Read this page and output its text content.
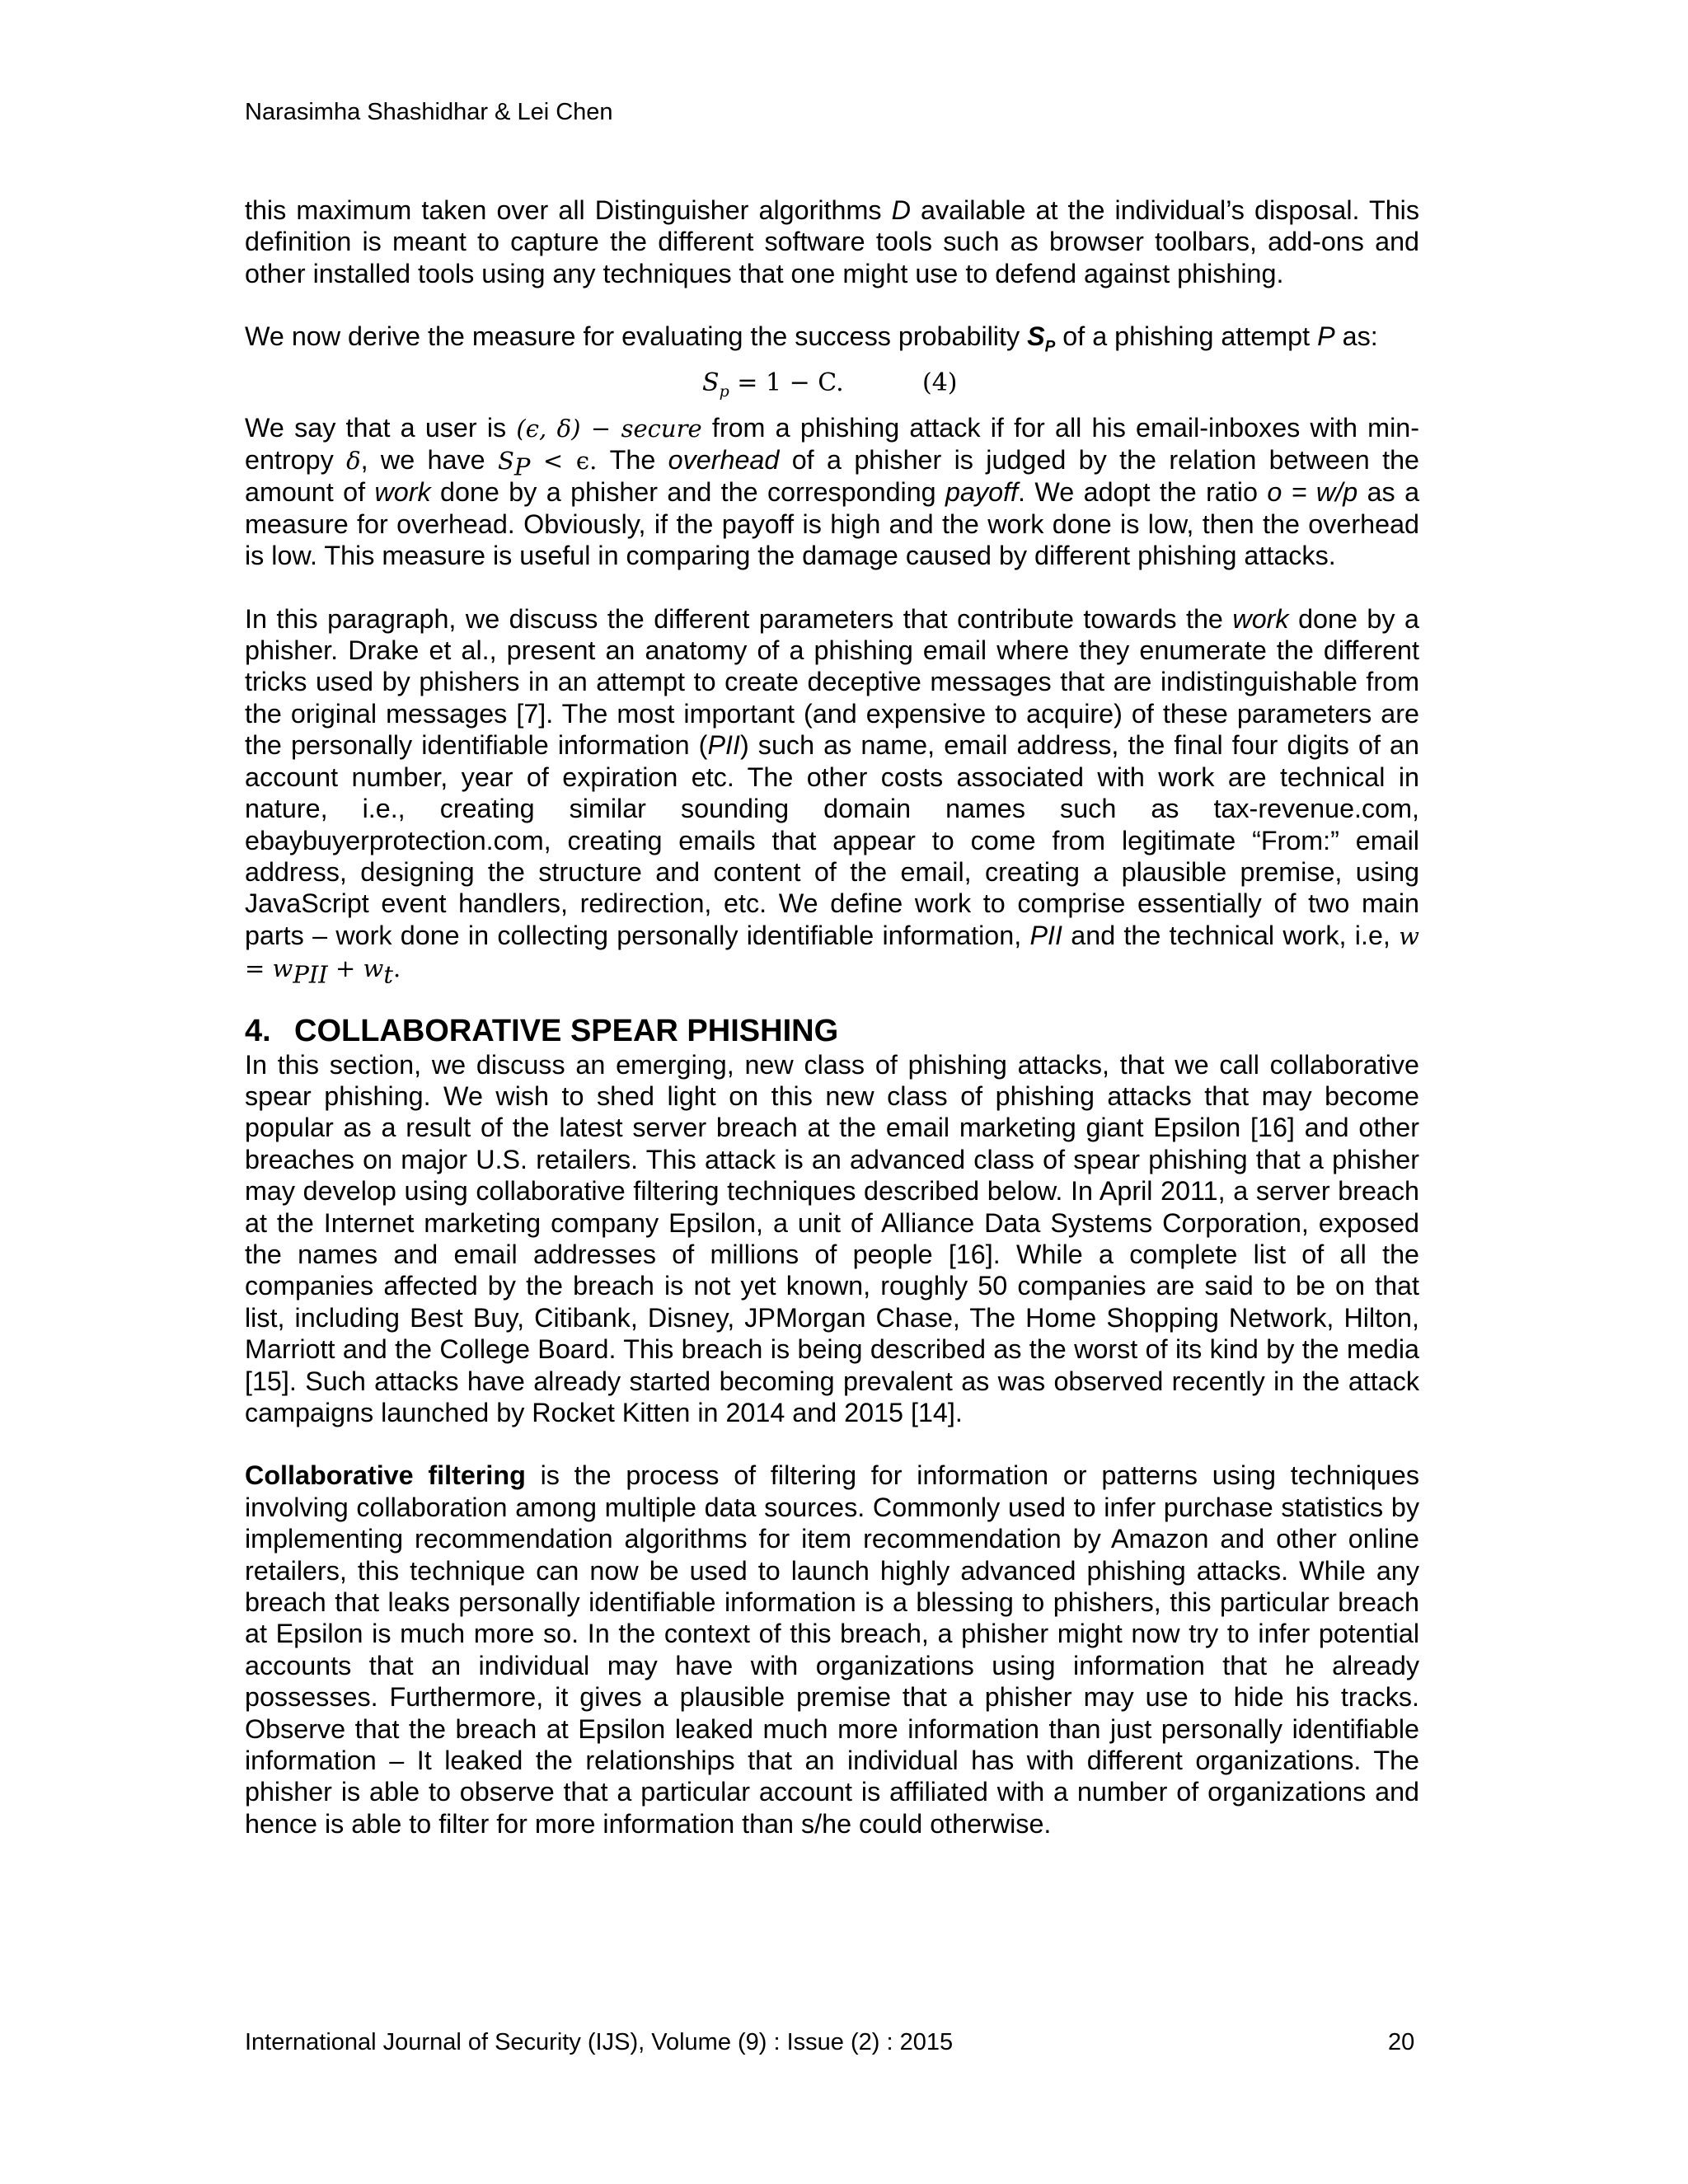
Narasimha Shashidhar & Lei Chen

this maximum taken over all Distinguisher algorithms D available at the individual’s disposal. This definition is meant to capture the different software tools such as browser toolbars, add-ons and other installed tools using any techniques that one might use to defend against phishing.

We now derive the measure for evaluating the success probability $S_P$ of a phishing attempt P as:

$S_p = 1 - C$.	(4)

We say that a user is (ϵ, δ) − secure from a phishing attack if for all his email-inboxes with min-entropy δ, we have $S_P < \epsilon$. The overhead of a phisher is judged by the relation between the amount of work done by a phisher and the corresponding payoff. We adopt the ratio o = w/p as a measure for overhead. Obviously, if the payoff is high and the work done is low, then the overhead is low. This measure is useful in comparing the damage caused by different phishing attacks.

In this paragraph, we discuss the different parameters that contribute towards the work done by a phisher. Drake et al., present an anatomy of a phishing email where they enumerate the different tricks used by phishers in an attempt to create deceptive messages that are indistinguishable from the original messages [7]. The most important (and expensive to acquire) of these parameters are the personally identifiable information (PII) such as name, email address, the final four digits of an account number, year of expiration etc. The other costs associated with work are technical in nature, i.e., creating similar sounding domain names such as tax-revenue.com, ebaybuyerprotection.com, creating emails that appear to come from legitimate “From:” email address, designing the structure and content of the email, creating a plausible premise, using JavaScript event handlers, redirection, etc. We define work to comprise essentially of two main parts – work done in collecting personally identifiable information, PII and the technical work, i.e, $w = w_{PII} + w_t$.

4. COLLABORATIVE SPEAR PHISHING

In this section, we discuss an emerging, new class of phishing attacks, that we call collaborative spear phishing. We wish to shed light on this new class of phishing attacks that may become popular as a result of the latest server breach at the email marketing giant Epsilon [16] and other breaches on major U.S. retailers. This attack is an advanced class of spear phishing that a phisher may develop using collaborative filtering techniques described below. In April 2011, a server breach at the Internet marketing company Epsilon, a unit of Alliance Data Systems Corporation, exposed the names and email addresses of millions of people [16]. While a complete list of all the companies affected by the breach is not yet known, roughly 50 companies are said to be on that list, including Best Buy, Citibank, Disney, JPMorgan Chase, The Home Shopping Network, Hilton, Marriott and the College Board. This breach is being described as the worst of its kind by the media [15]. Such attacks have already started becoming prevalent as was observed recently in the attack campaigns launched by Rocket Kitten in 2014 and 2015 [14].

Collaborative filtering is the process of filtering for information or patterns using techniques involving collaboration among multiple data sources. Commonly used to infer purchase statistics by implementing recommendation algorithms for item recommendation by Amazon and other online retailers, this technique can now be used to launch highly advanced phishing attacks. While any breach that leaks personally identifiable information is a blessing to phishers, this particular breach at Epsilon is much more so. In the context of this breach, a phisher might now try to infer potential accounts that an individual may have with organizations using information that he already possesses. Furthermore, it gives a plausible premise that a phisher may use to hide his tracks. Observe that the breach at Epsilon leaked much more information than just personally identifiable information – It leaked the relationships that an individual has with different organizations. The phisher is able to observe that a particular account is affiliated with a number of organizations and hence is able to filter for more information than s/he could otherwise.

International Journal of Security (IJS), Volume (9) : Issue (2) : 2015	20
